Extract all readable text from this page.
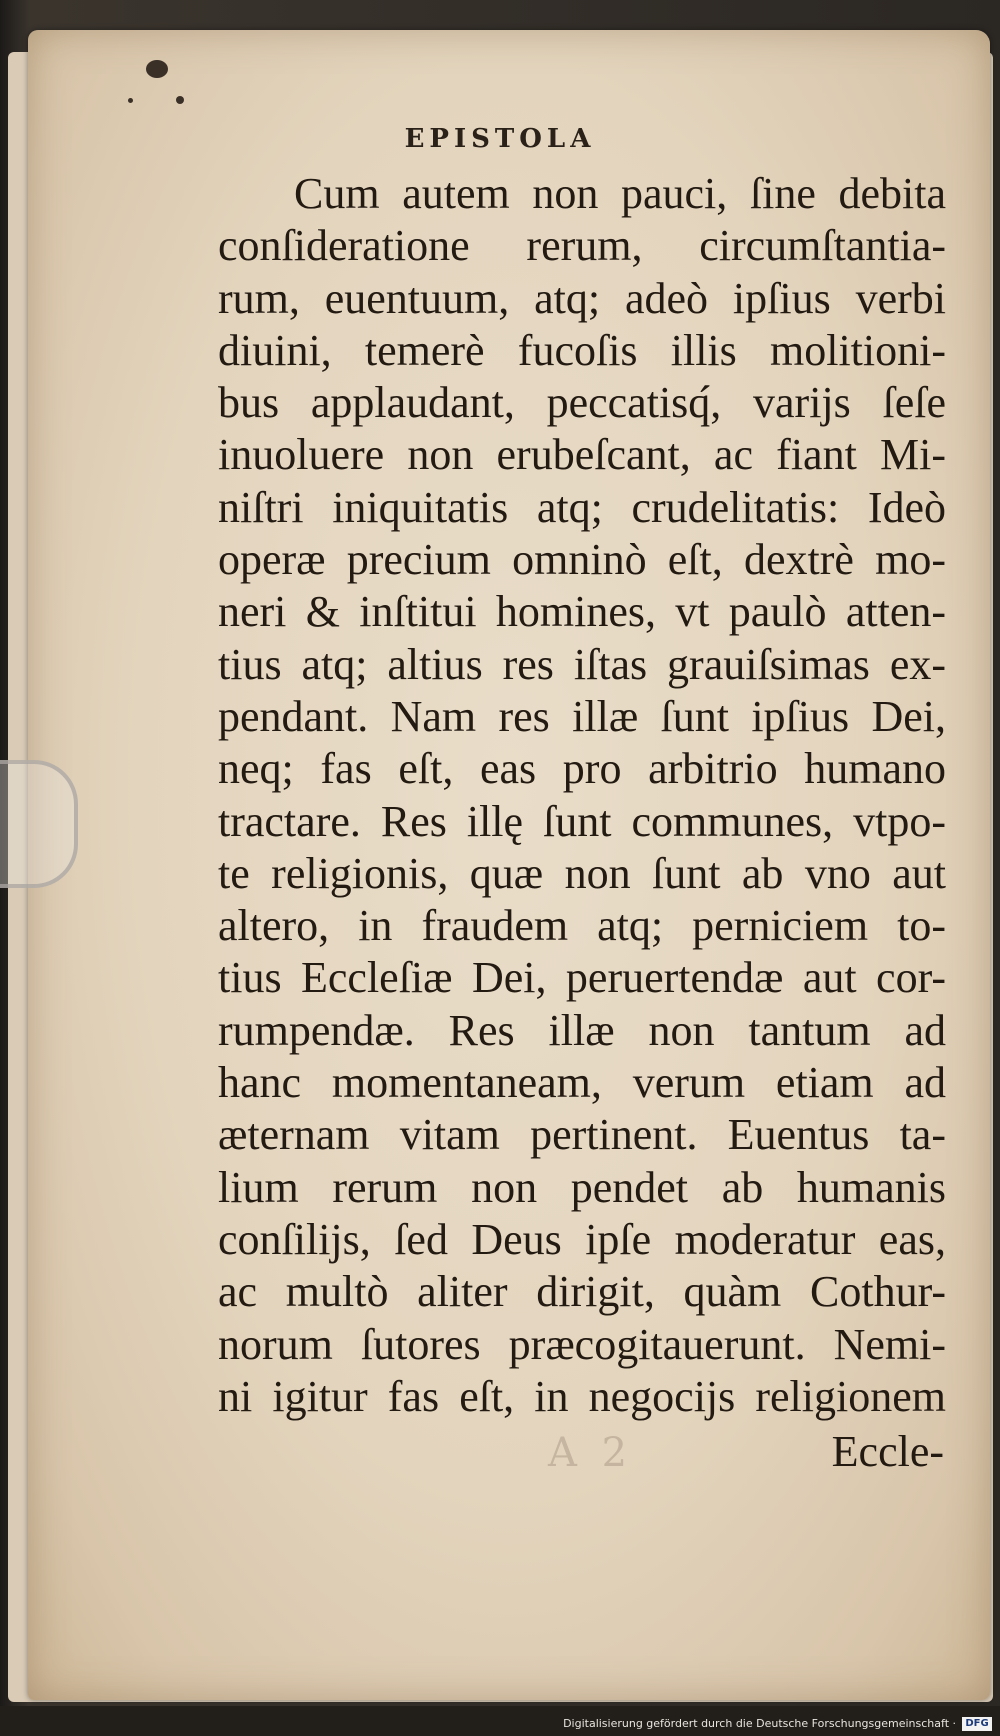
A 2
EPISTOLA
Cum autem non pauci, ſine debita
conſideratione rerum, circumſtantia-
rum, euentuum, atq; adeò ipſius verbi
diuini, temerè fucoſis illis molitioni-
bus applaudant, peccatisq́, varijs ſeſe
inuoluere non erubeſcant, ac fiant Mi-
niſtri iniquitatis atq; crudelitatis: Ideò
operæ precium omninò eſt, dextrè mo-
neri & inſtitui homines, vt paulò atten-
tius atq; altius res iſtas grauiſsimas ex-
pendant. Nam res illæ ſunt ipſius Dei,
neq; fas eſt, eas pro arbitrio humano
tractare. Res illę ſunt communes, vtpo-
te religionis, quæ non ſunt ab vno aut
altero, in fraudem atq; perniciem to-
tius Eccleſiæ Dei, peruertendæ aut cor-
rumpendæ. Res illæ non tantum ad
hanc momentaneam, verum etiam ad
æternam vitam pertinent. Euentus ta-
lium rerum non pendet ab humanis
conſilijs, ſed Deus ipſe moderatur eas,
ac multò aliter dirigit, quàm Cothur-
norum ſutores præcogitauerunt. Nemi-
ni igitur fas eſt, in negocijs religionem
Eccle-
Digitalisierung gefördert durch die Deutsche Forschungsgemeinschaft · DFG
